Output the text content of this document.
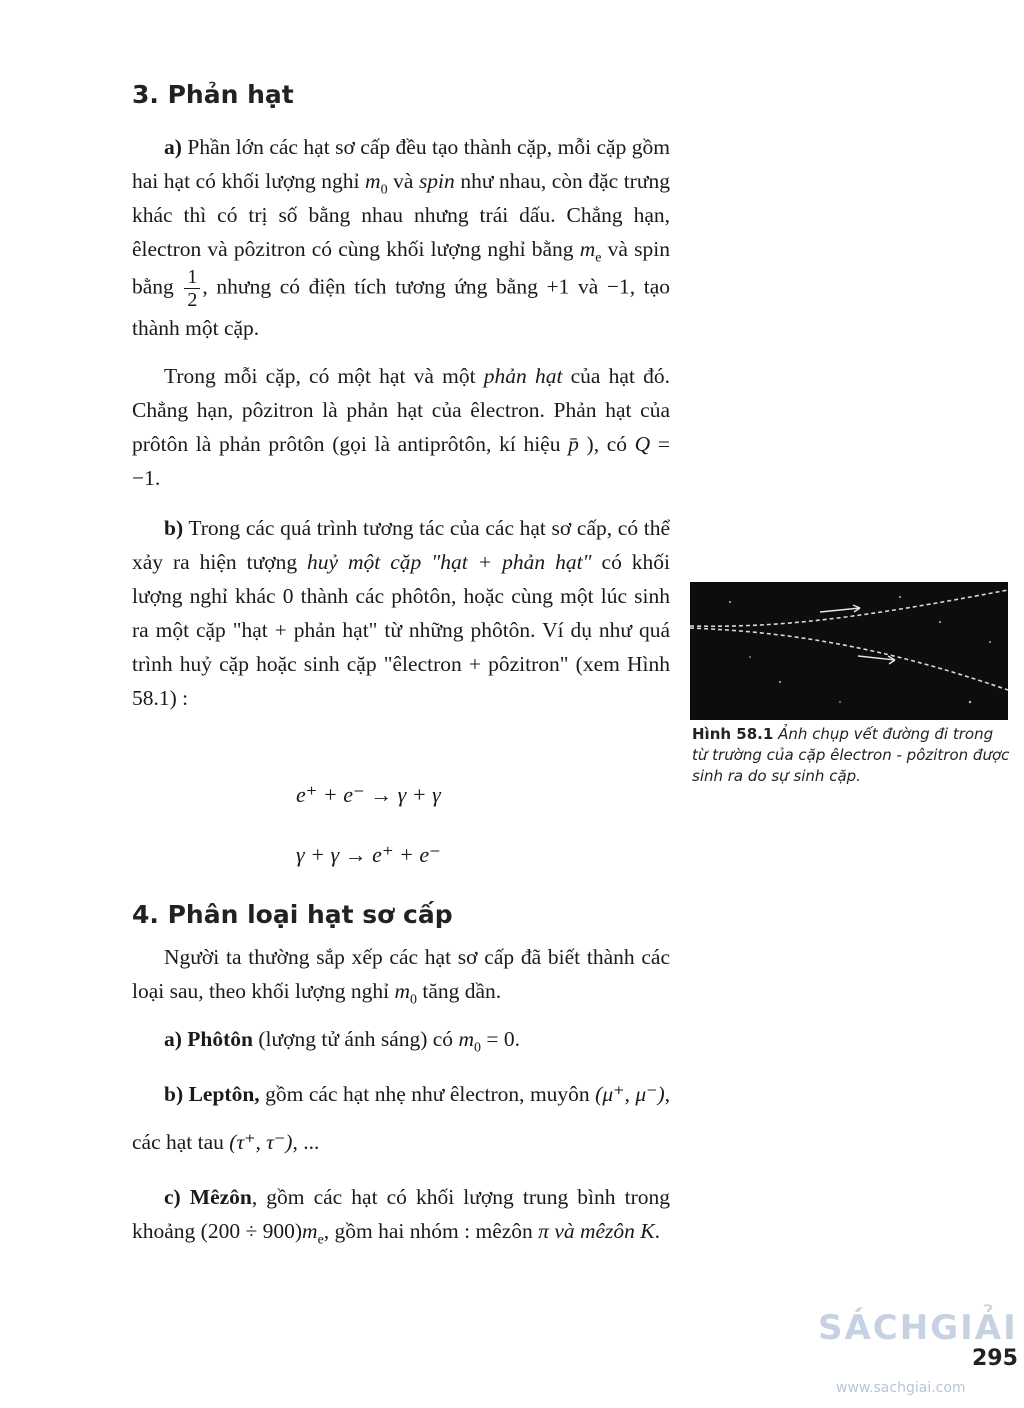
3. Phản hạt

a) Phần lớn các hạt sơ cấp đều tạo thành cặp, mỗi cặp gồm hai hạt có khối lượng nghỉ $m_0$ và spin như nhau, còn đặc trưng khác thì có trị số bằng nhau nhưng trái dấu. Chẳng hạn, êlectron và pôzitron có cùng khối lượng nghỉ bằng $m_e$ và spin bằng $\frac{1}{2}$ , nhưng có điện tích tương ứng bằng +1 và −1, tạo thành một cặp.

Trong mỗi cặp, có một hạt và một phản hạt của hạt đó. Chẳng hạn, pôzitron là phản hạt của êlectron. Phản hạt của prôtôn là phản prôtôn (gọi là antiprôtôn, kí hiệu p̄ ), có Q = −1.

b) Trong các quá trình tương tác của các hạt sơ cấp, có thể xảy ra hiện tượng huỷ một cặp "hạt + phản hạt" có khối lượng nghỉ khác 0 thành các phôtôn, hoặc cùng một lúc sinh ra một cặp "hạt + phản hạt" từ những phôtôn. Ví dụ như quá trình huỷ cặp hoặc sinh cặp "êlectron + pôzitron" (xem Hình 58.1) :

e⁺ + e⁻ → γ + γ
γ + γ → e⁺ + e⁻
Hình 58.1 Ảnh chụp vết đường đi trong từ trường của cặp êlectron - pôzitron được sinh ra do sự sinh cặp.
4. Phân loại hạt sơ cấp

Người ta thường sắp xếp các hạt sơ cấp đã biết thành các loại sau, theo khối lượng nghỉ $m_0$ tăng dần.

a) Phôtôn (lượng tử ánh sáng) có $m_0 = 0$.

b) Leptôn, gồm các hạt nhẹ như êlectron, muyôn (μ⁺, μ⁻), các hạt tau (τ⁺, τ⁻), ...

c) Mêzôn, gồm các hạt có khối lượng trung bình trong khoảng $(200 \div 900)m_e$, gồm hai nhóm : mêzôn π và mêzôn K.

SÁCHGIẢI
295
www.sachgiai.com
